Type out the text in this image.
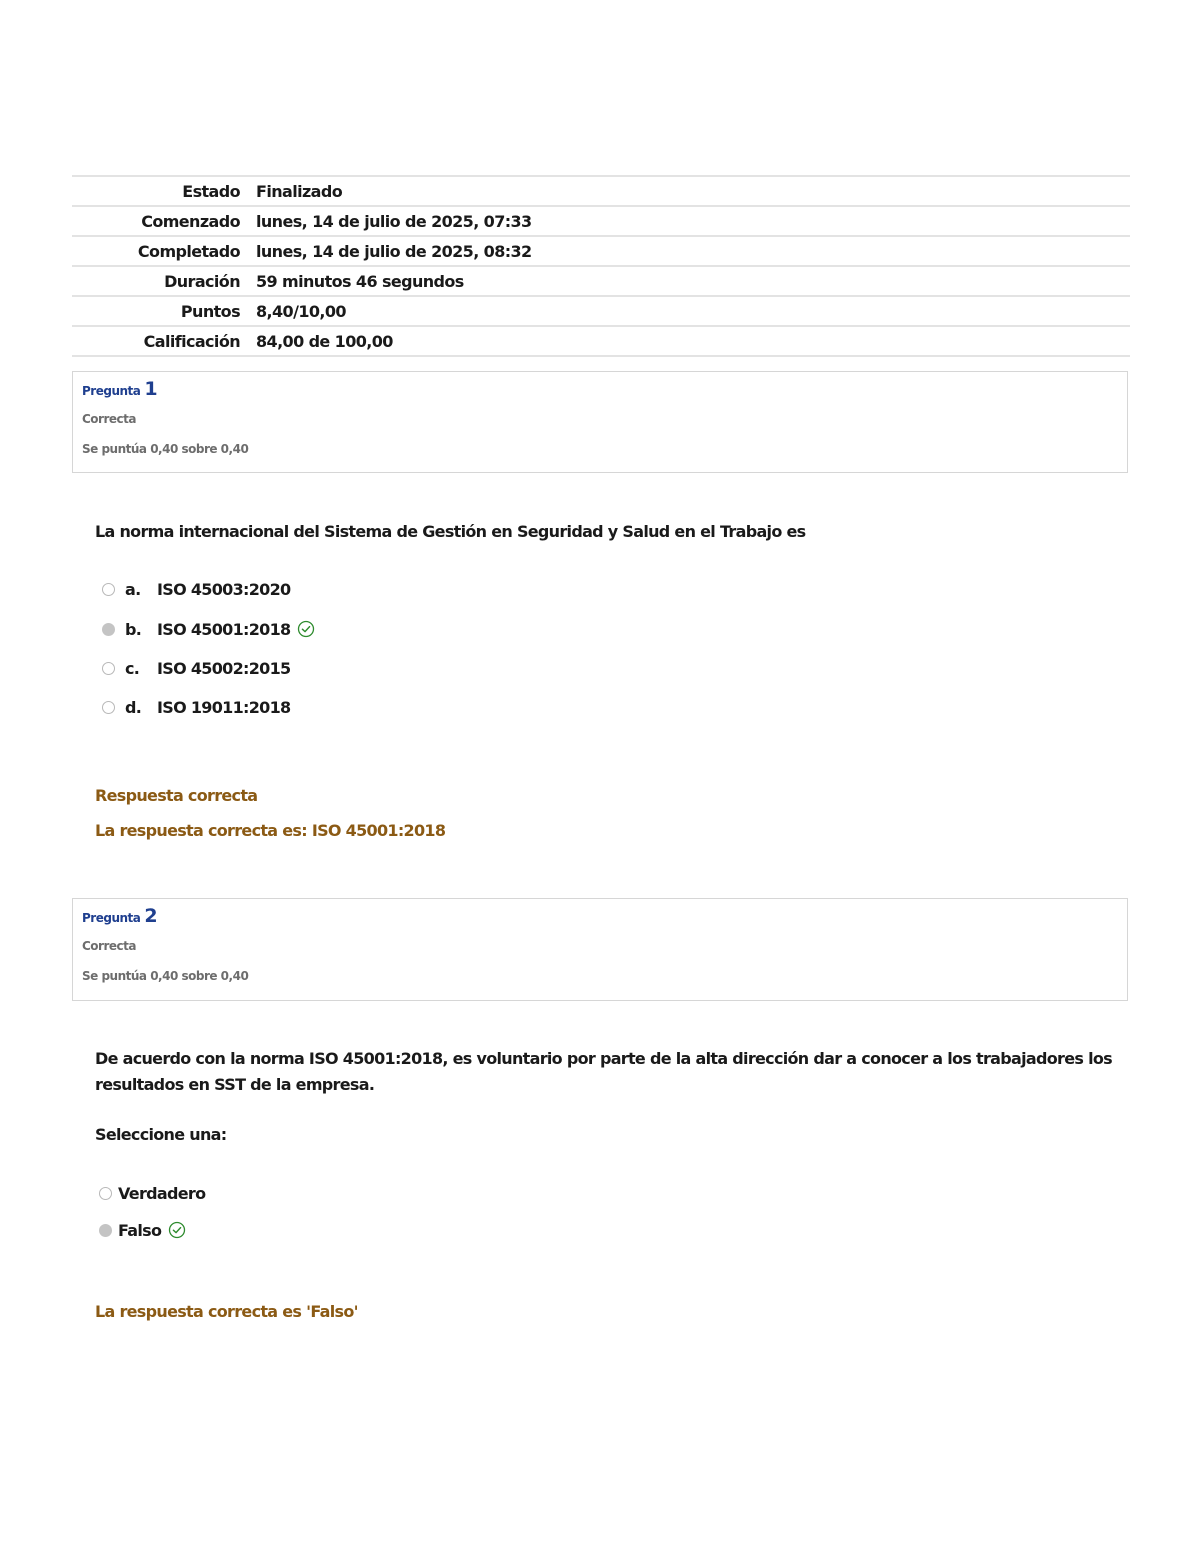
Estado	Finalizado
Comenzado	lunes, 14 de julio de 2025, 07:33
Completado	lunes, 14 de julio de 2025, 08:32
Duración	59 minutos 46 segundos
Puntos	8,40/10,00
Calificación	84,00 de 100,00
Pregunta 1
Correcta
Se puntúa 0,40 sobre 0,40
La norma internacional del Sistema de Gestión en Seguridad y Salud en el Trabajo es
a.	ISO 45003:2020
b. ISO 45001:2018
c.	ISO 45002:2015
d. ISO 19011:2018
Respuesta correcta
La respuesta correcta es: ISO 45001:2018
Pregunta 2
Correcta
Se puntúa 0,40 sobre 0,40
De acuerdo con la norma ISO 45001:2018, es voluntario por parte de la alta dirección dar a conocer a los trabajadores los resultados en SST de la empresa.
Seleccione una:
Verdadero
Falso
La respuesta correcta es 'Falso'
